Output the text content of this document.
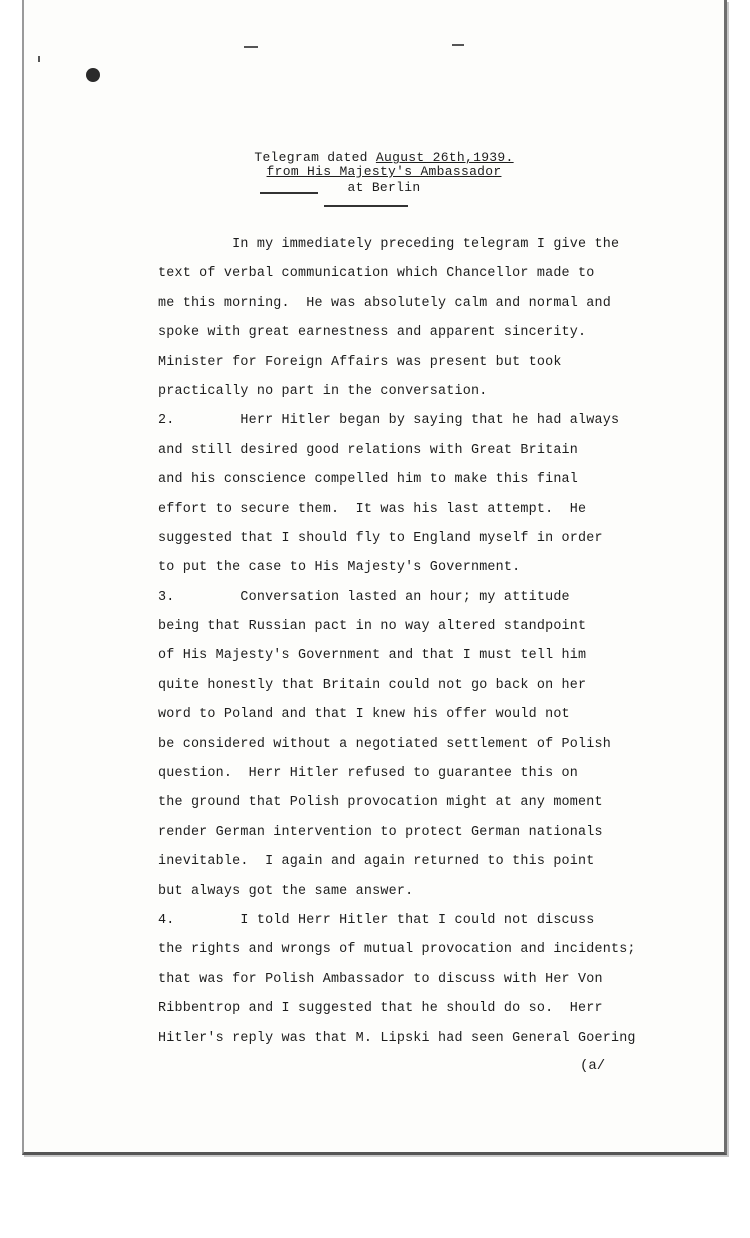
Telegram dated August 26th,1939.
from His Majesty's Ambassador
at Berlin
In my immediately preceding telegram I give the
text of verbal communication which Chancellor made to
me this morning.  He was absolutely calm and normal and
spoke with great earnestness and apparent sincerity.
Minister for Foreign Affairs was present but took
practically no part in the conversation.
2.        Herr Hitler began by saying that he had always
and still desired good relations with Great Britain
and his conscience compelled him to make this final
effort to secure them.  It was his last attempt.  He
suggested that I should fly to England myself in order
to put the case to His Majesty's Government.
3.        Conversation lasted an hour; my attitude
being that Russian pact in no way altered standpoint
of His Majesty's Government and that I must tell him
quite honestly that Britain could not go back on her
word to Poland and that I knew his offer would not
be considered without a negotiated settlement of Polish
question.  Herr Hitler refused to guarantee this on
the ground that Polish provocation might at any moment
render German intervention to protect German nationals
inevitable.  I again and again returned to this point
but always got the same answer.
4.        I told Herr Hitler that I could not discuss
the rights and wrongs of mutual provocation and incidents;
that was for Polish Ambassador to discuss with Her Von
Ribbentrop and I suggested that he should do so.  Herr
Hitler's reply was that M. Lipski had seen General Goering
(a/
